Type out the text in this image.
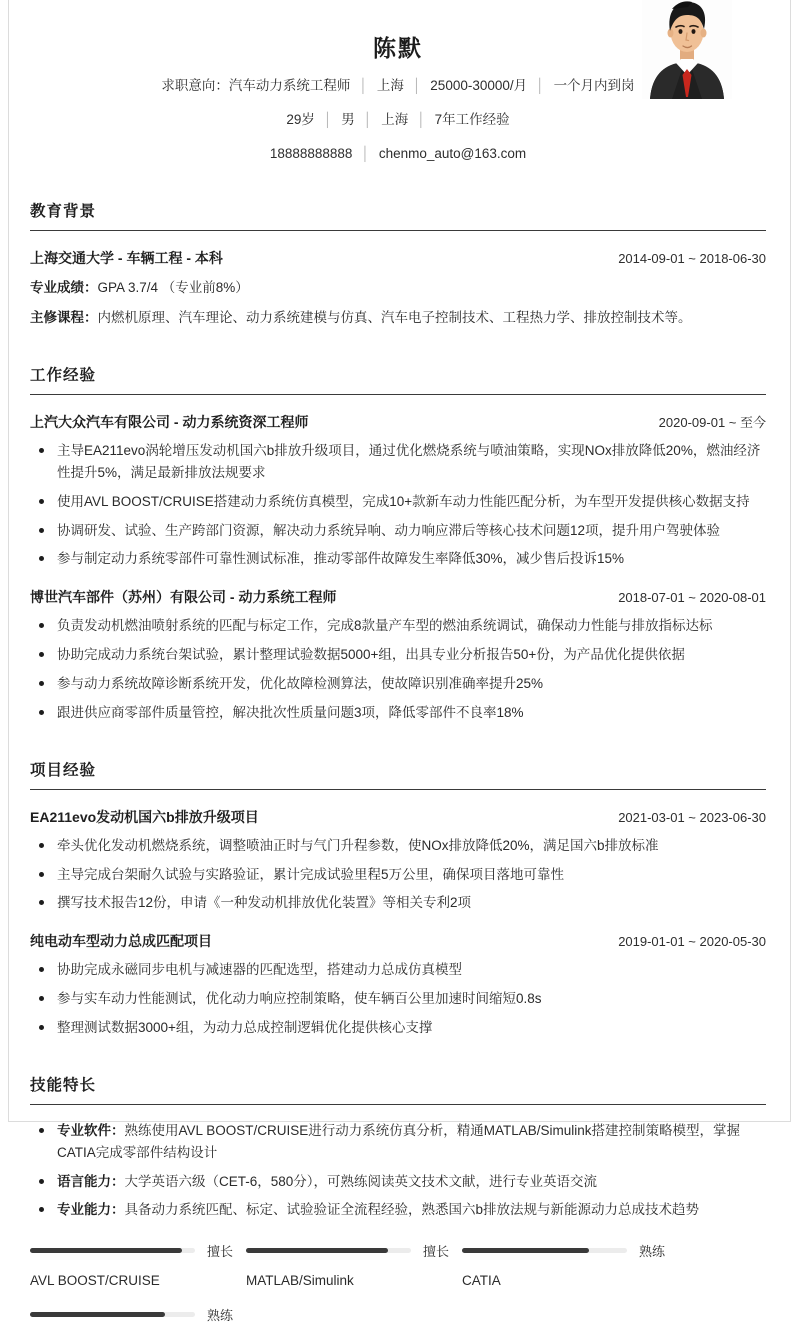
陈默
求职意向：汽车动力系统工程师 │ 上海 │ 25000-30000/月 │ 一个月内到岗
29岁 │ 男 │ 上海 │ 7年工作经验
18888888888 │ chenmo_auto@163.com
教育背景
上海交通大学 - 车辆工程 - 本科	2014-09-01 ~ 2018-06-30
专业成绩：GPA 3.7/4 （专业前8%）
主修课程：内燃机原理、汽车理论、动力系统建模与仿真、汽车电子控制技术、工程热力学、排放控制技术等。
工作经验
上汽大众汽车有限公司 - 动力系统资深工程师	2020-09-01 ~ 至今
主导EA211evo涡轮增压发动机国六b排放升级项目，通过优化燃烧系统与喷油策略，实现NOx排放降低20%，燃油经济性提升5%，满足最新排放法规要求
使用AVL BOOST/CRUISE搭建动力系统仿真模型，完成10+款新车动力性能匹配分析，为车型开发提供核心数据支持
协调研发、试验、生产跨部门资源，解决动力系统异响、动力响应滞后等核心技术问题12项，提升用户驾驶体验
参与制定动力系统零部件可靠性测试标准，推动零部件故障发生率降低30%，减少售后投诉15%
博世汽车部件（苏州）有限公司 - 动力系统工程师	2018-07-01 ~ 2020-08-01
负责发动机燃油喷射系统的匹配与标定工作，完成8款量产车型的燃油系统调试，确保动力性能与排放指标达标
协助完成动力系统台架试验，累计整理试验数据5000+组，出具专业分析报告50+份，为产品优化提供依据
参与动力系统故障诊断系统开发，优化故障检测算法，使故障识别准确率提升25%
跟进供应商零部件质量管控，解决批次性质量问题3项，降低零部件不良率18%
项目经验
EA211evo发动机国六b排放升级项目	2021-03-01 ~ 2023-06-30
牵头优化发动机燃烧系统，调整喷油正时与气门升程参数，使NOx排放降低20%，满足国六b排放标准
主导完成台架耐久试验与实路验证，累计完成试验里程5万公里，确保项目落地可靠性
撰写技术报告12份，申请《一种发动机排放优化装置》等相关专利2项
纯电动车型动力总成匹配项目	2019-01-01 ~ 2020-05-30
协助完成永磁同步电机与减速器的匹配选型，搭建动力总成仿真模型
参与实车动力性能测试，优化动力响应控制策略，使车辆百公里加速时间缩短0.8s
整理测试数据3000+组，为动力总成控制逻辑优化提供核心支撑
技能特长
专业软件：熟练使用AVL BOOST/CRUISE进行动力系统仿真分析，精通MATLAB/Simulink搭建控制策略模型，掌握CATIA完成零部件结构设计
语言能力：大学英语六级（CET-6，580分），可熟练阅读英文技术文献，进行专业英语交流
专业能力：具备动力系统匹配、标定、试验验证全流程经验，熟悉国六b排放法规与新能源动力总成技术趋势
擅长
AVL BOOST/CRUISE
擅长
MATLAB/Simulink
熟练
CATIA
熟练
